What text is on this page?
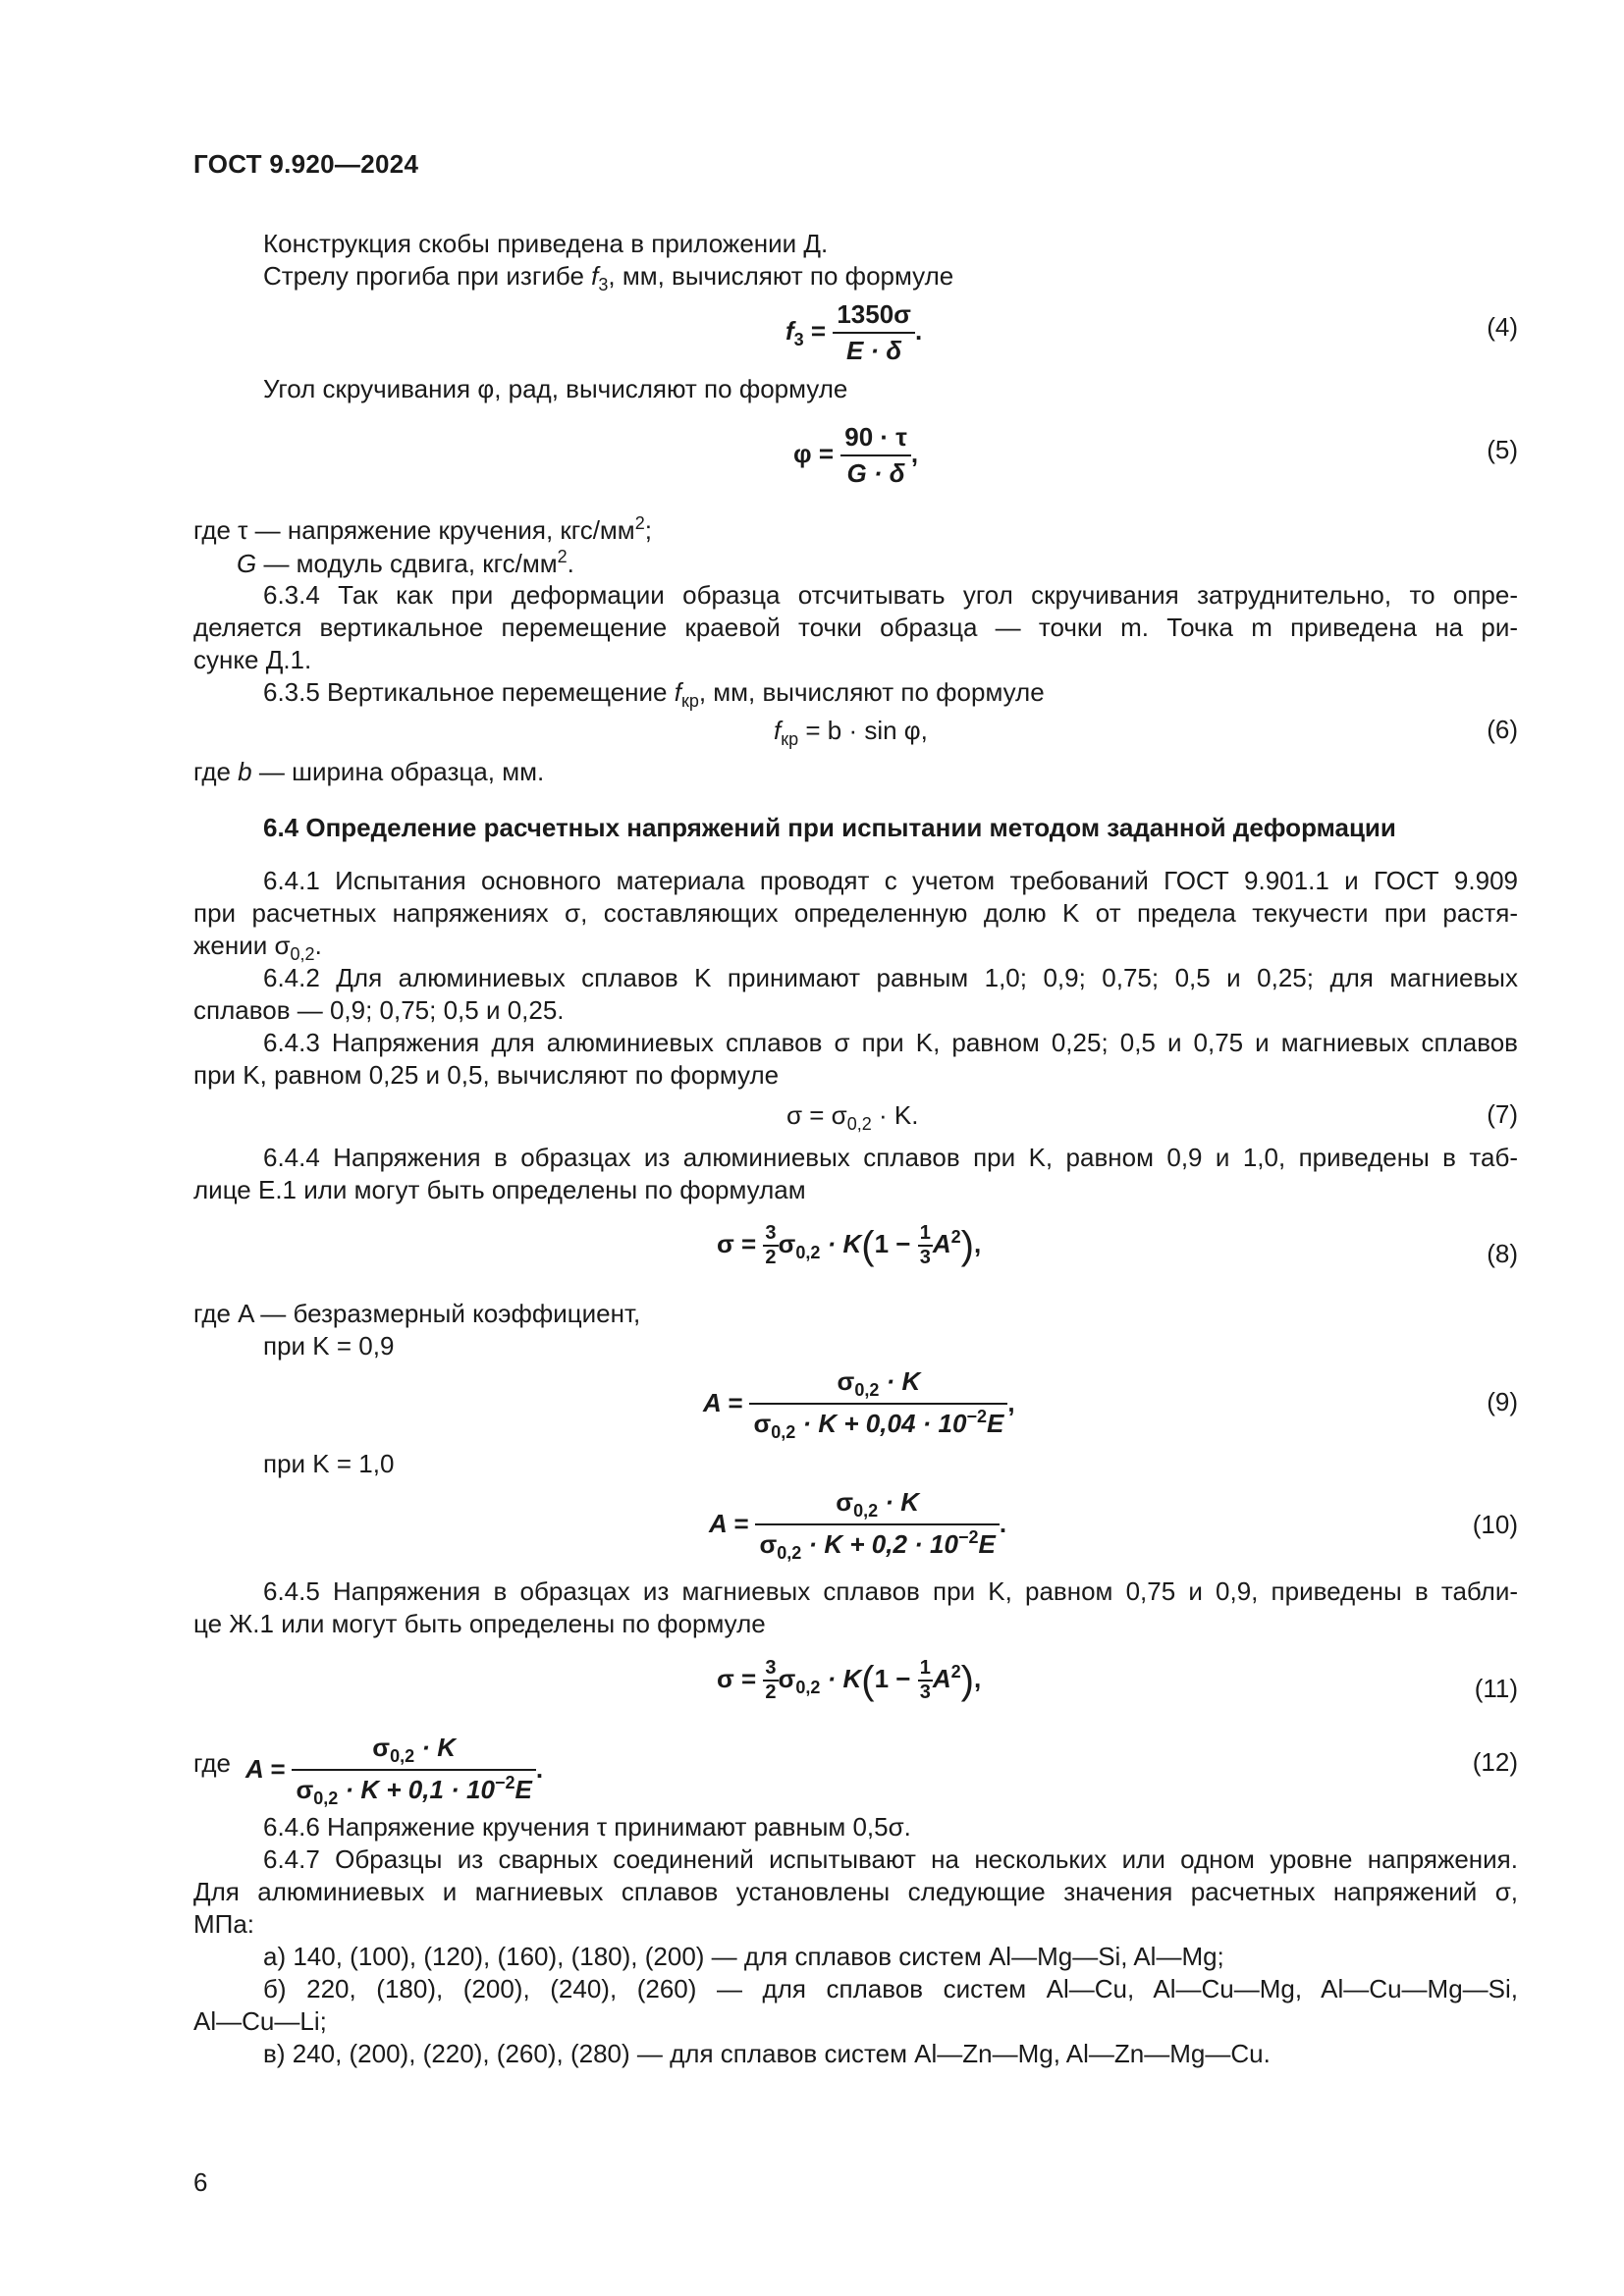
ГОСТ 9.920—2024
Конструкция скобы приведена в приложении Д.
Стрелу прогиба при изгибе $f_3$, мм, вычисляют по формуле
$f_3 = \frac{1350\sigma}{E \cdot \delta}$ .	(4)
Угол скручивания φ, рад, вычисляют по формуле
$\varphi = \frac{90 \cdot \tau}{G \cdot \delta}$ ,	(5)
где τ — напряжение кручения, кгс/$мм^2$;
G — модуль сдвига, кгс/$мм^2$.
6.3.4 Так как при деформации образца отсчитывать угол скручивания затруднительно, то опре-
деляется вертикальное перемещение краевой точки образца — точки m. Точка m приведена на ри-
сунке Д.1.
6.3.5 Вертикальное перемещение $f_{кр}$, мм, вычисляют по формуле
$f_{кр} = b \cdot \sin \varphi$,	(6)
где b — ширина образца, мм.
6.4 Определение расчетных напряжений при испытании методом заданной деформации
6.4.1 Испытания основного материала проводят с учетом требований ГОСТ 9.901.1 и ГОСТ 9.909
при расчетных напряжениях σ, составляющих определенную долю K от предела текучести при растя-
жении $\sigma_{0,2}$.
6.4.2 Для алюминиевых сплавов K принимают равным 1,0; 0,9; 0,75; 0,5 и 0,25; для магниевых
сплавов — 0,9; 0,75; 0,5 и 0,25.
6.4.3 Напряжения для алюминиевых сплавов σ при K, равном 0,25; 0,5 и 0,75 и магниевых сплавов
при K, равном 0,25 и 0,5, вычисляют по формуле
$\sigma = \sigma_{0,2} \cdot K$.	(7)
6.4.4 Напряжения в образцах из алюминиевых сплавов при K, равном 0,9 и 1,0, приведены в таб-
лице Е.1 или могут быть определены по формулам
$\sigma = \frac{3}{2} \sigma_{0,2} \cdot K(1 - \frac{1}{3} A^2)$,	(8)
где A — безразмерный коэффициент,
при K = 0,9
$A = \frac{\sigma_{0,2} \cdot K}{\sigma_{0,2} \cdot K + 0,04 \cdot 10^{-2}E}$ ,	(9)
при K = 1,0
$A = \frac{\sigma_{0,2} \cdot K}{\sigma_{0,2} \cdot K + 0,2 \cdot 10^{-2}E}$ .	(10)
6.4.5 Напряжения в образцах из магниевых сплавов при K, равном 0,75 и 0,9, приведены в табли-
це Ж.1 или могут быть определены по формуле
$\sigma = \frac{3}{2} \sigma_{0,2} \cdot K(1 - \frac{1}{3} A^2)$,	(11)
где $A = \frac{\sigma_{0,2} \cdot K}{\sigma_{0,2} \cdot K + 0,1 \cdot 10^{-2}E}$ .	(12)
6.4.6 Напряжение кручения τ принимают равным 0,5σ.
6.4.7 Образцы из сварных соединений испытывают на нескольких или одном уровне напряжения.
Для алюминиевых и магниевых сплавов установлены следующие значения расчетных напряжений σ,
МПа:
а) 140, (100), (120), (160), (180), (200) — для сплавов систем Al—Mg—Si, Al—Mg;
б) 220, (180), (200), (240), (260) — для сплавов систем Al—Cu, Al—Cu—Mg, Al—Cu—Mg—Si,
Al—Cu—Li;
в) 240, (200), (220), (260), (280) — для сплавов систем Al—Zn—Mg, Al—Zn—Mg—Cu.
6
